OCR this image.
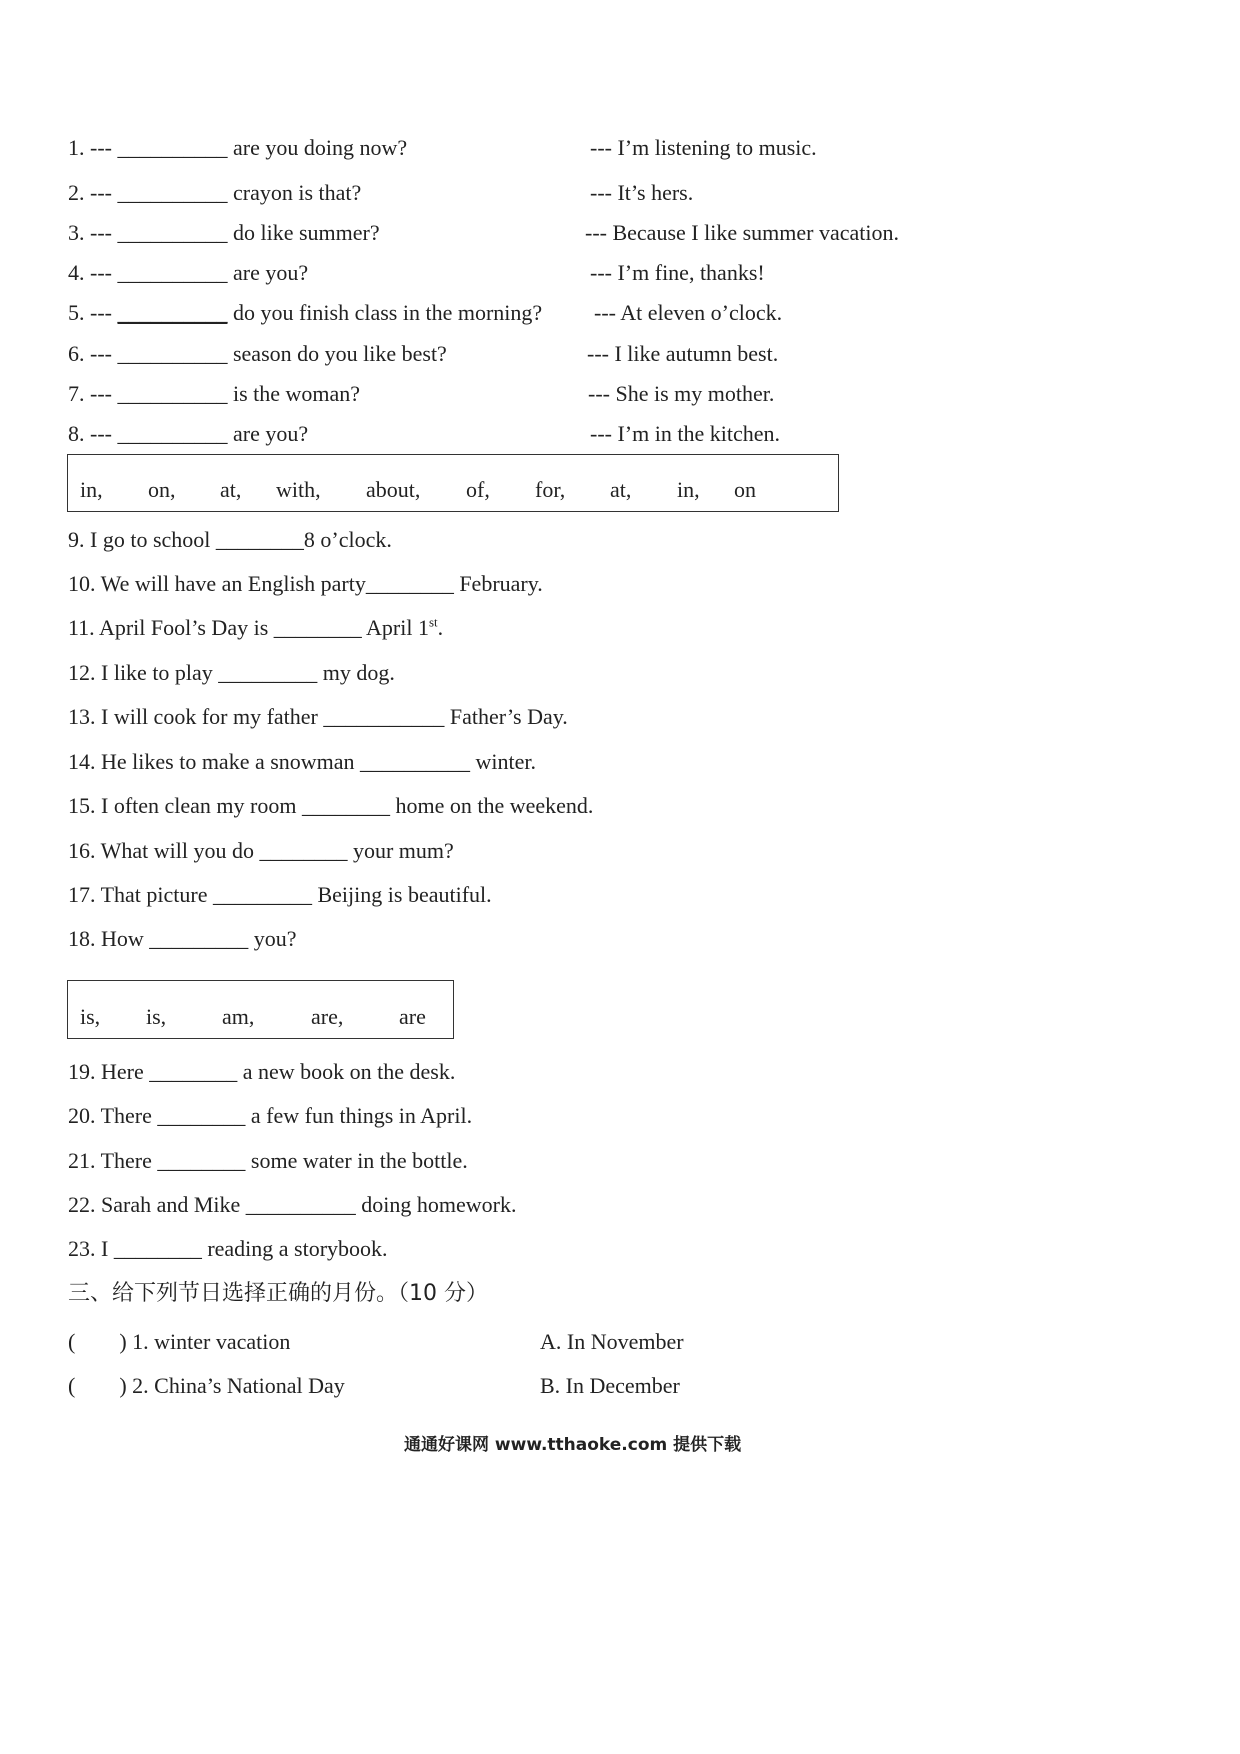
1. --- __________ are you doing now?	--- I’m listening to music.
2. --- __________ crayon is that?	--- It’s hers.
3. --- __________ do like summer?	--- Because I like summer vacation.
4. --- __________ are you?	--- I’m fine, thanks!
5. --- __________ do you finish class in the morning? --- At eleven o’clock.
6. --- __________ season do you like best?	--- I like autumn best.
7. --- __________ is the woman?	--- She is my mother.
8. --- __________ are you?	--- I’m in the kitchen.
in, on, at, with, about, of, for, at, in, on
9. I go to school ________8 o’clock.
10. We will have an English party________ February.
11. April Fool’s Day is ________ April 1st.
12. I like to play _________ my dog.
13. I will cook for my father ___________ Father’s Day.
14. He likes to make a snowman __________ winter.
15. I often clean my room ________ home on the weekend.
16. What will you do ________ your mum?
17. That picture _________ Beijing is beautiful.
18. How _________ you?
is, is,	am,	are,	are
19. Here ________ a new book on the desk.
20. There ________ a few fun things in April.
21. There ________ some water in the bottle.
22. Sarah and Mike __________ doing homework.
23. I ________ reading a storybook.
三、给下列节日选择正确的月份。（10 分）
(        ) 1. winter vacation	A. In November
(        ) 2. China’s National Day	B. In December
通通好课网 www.tthaoke.com 提供下载
